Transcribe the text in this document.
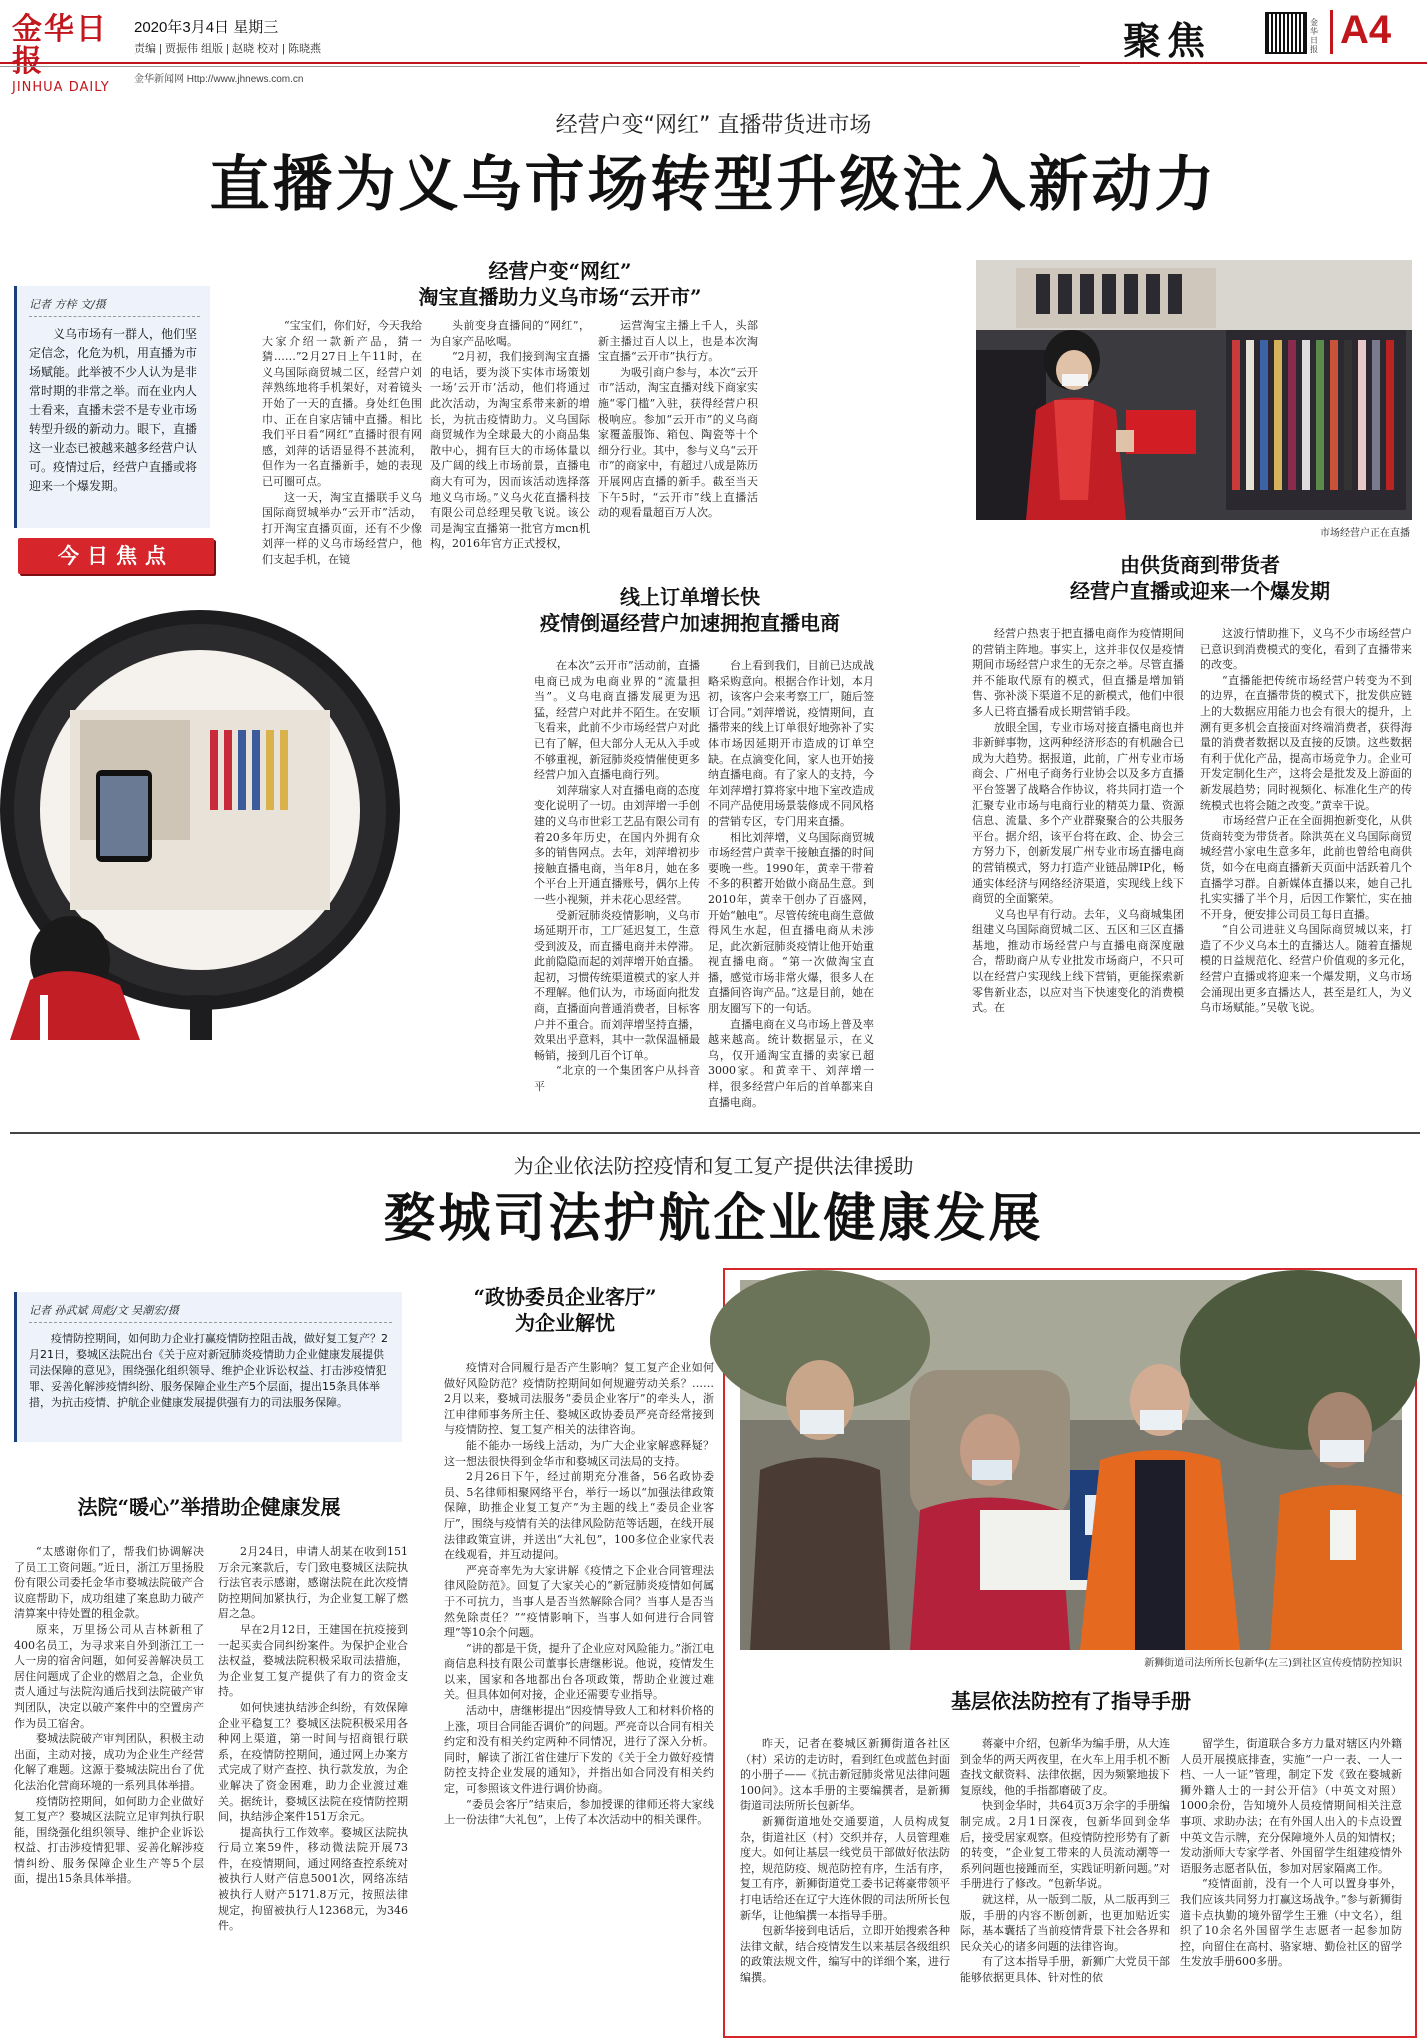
金华日
JINHUA DAILY
2020年3月4日 星期三
责编 | 贾振伟 组版 | 赵晓 校对 | 陈晓燕
金华新闻网 Http://www.jhnews.com.cn
聚焦	金华日报 A4
经营户变“网红” 直播带货进市场
直播为义乌市场转型升级注入新动力
记者 方梓 文/摄
义乌市场有一群人，他们坚定信念，化危为机，用直播为市场赋能。此举被不少人认为是非常时期的非常之举。而在业内人士看来，直播未尝不是专业市场转型升级的新动力。眼下，直播这一业态已被越来越多经营户认可。疫情过后，经营户直播或将迎来一个爆发期。
今日焦点
经营户变“网红”
淘宝直播助力义乌市场“云开市”

“宝宝们，你们好，今天我给大家介绍一款新产品，猜一猜……”2月27日上午11时，在义乌国际商贸城二区，经营户刘萍熟练地将手机架好，对着镜头开始了一天的直播。身处红色围巾、正在自家店铺中直播。相比我们平日看“网红”直播时很有网感，刘萍的话语显得不甚流利，但作为一名直播新手，她的表现已可圈可点。

这一天，淘宝直播联手义乌国际商贸城举办“云开市”活动，打开淘宝直播页面，还有不少像刘萍一样的义乌市场经营户，他们支起手机，在镜

头前变身直播间的“网红”，为自家产品吆喝。

“2月初，我们接到淘宝直播的电话，要为淡下实体市场策划一场‘云开市’活动，他们将通过此次活动，为淘宝系带来新的增长，为抗击疫情助力。义乌国际商贸城作为全球最大的小商品集散中心，拥有巨大的市场体量以及广阔的线上市场前景，直播电商大有可为，因而该活动选择落地义乌市场。”义乌火花直播科技有限公司总经理吴敬飞说。该公司是淘宝直播第一批官方mcn机构，2016年官方正式授权，

运营淘宝主播上千人，头部新主播过百人以上，也是本次淘宝直播“云开市”执行方。

为吸引商户参与，本次“云开市”活动，淘宝直播对线下商家实施“零门槛”入驻，获得经营户积极响应。参加“云开市”的义乌商家覆盖服饰、箱包、陶瓷等十个细分行业。其中，参与义乌“云开市”的商家中，有超过八成是陈历开展网店直播的新手。截至当天下午5时，“云开市”线上直播活动的观看量超百万人次。

市场经营户正在直播
线上订单增长快
疫情倒逼经营户加速拥抱直播电商

在本次“云开市”活动前，直播电商已成为电商业界的“流量担当”。义乌电商直播发展更为迅猛，经营户对此并不陌生。在安顺飞看来，此前不少市场经营户对此已有了解，但大部分人无从入手或不够重视，新冠肺炎疫情催使更多经营户加入直播电商行列。

刘萍瑞家人对直播电商的态度变化说明了一切。由刘萍增一手创建的义乌市世彩工艺品有限公司有着20多年历史，在国内外拥有众多的销售网点。去年，刘萍增初步接触直播电商，当年8月，她在多个平台上开通直播账号，偶尔上传一些小视频，并未花心思经营。

受新冠肺炎疫情影响，义乌市场延期开市，工厂延迟复工，生意受到波及，而直播电商并未停滞。此前隐隐而起的刘萍增开始直播。起初，习惯传统渠道模式的家人并不理解。他们认为，市场面向批发商，直播面向普通消费者，目标客户并不重合。而刘萍增坚持直播，效果出乎意料，其中一款保温桶最畅销，接到几百个订单。

“北京的一个集团客户从抖音平

台上看到我们，目前已达成战略采购意向。根据合作计划，本月初，该客户会来考察工厂，随后签订合同。”刘萍增说，疫情期间，直播带来的线上订单很好地弥补了实体市场因延期开市造成的订单空缺。在点滴变化间，家人也开始接纳直播电商。有了家人的支持，今年刘萍增打算将家中地下室改造成不同产品使用场景装修成不同风格的营销专区，专门用来直播。

相比刘萍增，义乌国际商贸城市场经营户黄幸干接触直播的时间要晚一些。1990年，黄幸干带着不多的积蓄开始做小商品生意。到2010年，黄幸干创办了百盛网，开始“触电”。尽管传统电商生意做得风生水起，但直播电商从未涉足，此次新冠肺炎疫情让他开始重视直播电商。“第一次做淘宝直播，感觉市场非常火爆，很多人在直播间咨询产品。”这是目前，她在朋友圈写下的一句话。

直播电商在义乌市场上普及率越来越高。统计数据显示，在义乌，仅开通淘宝直播的卖家已超3000家。和黄幸干、刘萍增一样，很多经营户年后的首单都来自直播电商。

由供货商到带货者
经营户直播或迎来一个爆发期

经营户热衷于把直播电商作为疫情期间的营销主阵地。事实上，这并非仅仅是疫情期间市场经营户求生的无奈之举。尽管直播并不能取代原有的模式，但直播是增加销售、弥补淡下渠道不足的新模式，他们中很多人已将直播看成长期营销手段。

放眼全国，专业市场对接直播电商也并非新鲜事物，这两种经济形态的有机融合已成为大趋势。据报道，此前，广州专业市场商会、广州电子商务行业协会以及多方直播平台签署了战略合作协议，将共同打造一个汇聚专业市场与电商行业的精英力量、资源信息、流量、多个产业群聚聚合的公共服务平台。据介绍，该平台将在政、企、协会三方努力下，创新发展广州专业市场直播电商的营销模式，努力打造产业链品牌IP化，畅通实体经济与网络经济渠道，实现线上线下商贸的全面繁荣。

义乌也早有行动。去年，义乌商城集团组建义乌国际商贸城二区、五区和三区直播基地，推动市场经营户与直播电商深度融合，帮助商户从专业批发市场商户，不只可以在经营户实现线上线下营销，更能探索新零售新业态，以应对当下快速变化的消费模式。在

这波行情助推下，义乌不少市场经营户已意识到消费模式的变化，看到了直播带来的改变。

“直播能把传统市场经营户转变为不到的边界，在直播带货的模式下，批发供应链上的大数据应用能力也会有很大的提升，上溯有更多机会直接面对终端消费者，获得海量的消费者数据以及直接的反馈。这些数据有利于优化产品，提高市场竞争力。企业可开发定制化生产，这将会是批发及上游面的新发展趋势；同时视频化、标准化生产的传统模式也将会随之改变。”黄幸干说。

市场经营户正在全面拥抱新变化，从供货商转变为带货者。除洪英在义乌国际商贸城经营小家电生意多年，此前也曾给电商供货，如今在电商直播新天页面中活跃着几个直播学习群。自新媒体直播以来，她自己扎扎实实播了半个月，后因工作繁忙，实在抽不开身，便安排公司员工每日直播。

“自公司进驻义乌国际商贸城以来，打造了不少义乌本土的直播达人。随着直播规模的日益规范化、经营户价值观的多元化，经营户直播或将迎来一个爆发期，义乌市场会涌现出更多直播达人，甚至是红人，为义乌市场赋能。”吴敬飞说。

为企业依法防控疫情和复工复产提供法律援助
婺城司法护航企业健康发展
记者 孙武斌 周彪/文 吴潮宏/摄
疫情防控期间，如何助力企业打赢疫情防控阻击战，做好复工复产？2月21日，婺城区法院出台《关于应对新冠肺炎疫情助力企业健康发展提供司法保障的意见》，围绕强化组织领导、维护企业诉讼权益、打击涉疫情犯罪、妥善化解涉疫情纠纷、服务保障企业生产5个层面，提出15条具体举措，为抗击疫情、护航企业健康发展提供强有力的司法服务保障。
法院“暖心”举措助企健康发展

“太感谢你们了，帮我们协调解决了员工工资问题。”近日，浙江万里扬股份有限公司委托金华市婺城法院破产合议庭帮助下，成功组建了案息助力破产清算案中待处置的租金款。

原来，万里扬公司从吉林新租了400名员工，为寻求来自外到浙江工一人一房的宿舍问题，如何妥善解决员工居住问题成了企业的燃眉之急，企业负责人通过与法院沟通后找到法院破产审判团队，决定以破产案件中的空置房产作为员工宿舍。

婺城法院破产审判团队，积极主动出面，主动对接，成功为企业生产经营化解了难题。这源于婺城法院出台了优化法治化营商环境的一系列具体举措。

疫情防控期间，如何助力企业做好复工复产？婺城区法院立足审判执行职能，围绕强化组织领导、维护企业诉讼权益、打击涉疫情犯罪、妥善化解涉疫情纠纷、服务保障企业生产等5个层面，提出15条具体举措。

2月24日，申请人胡某在收到151万余元案款后，专门致电婺城区法院执行法官表示感谢，感谢法院在此次疫情防控期间加紧执行，为企业复工解了燃眉之急。

早在2月12日，王建国在抗疫接到一起买卖合同纠纷案件。为保护企业合法权益，婺城法院积极采取司法措施，为企业复工复产提供了有力的资金支持。

如何快速执结涉企纠纷，有效保障企业平稳复工？婺城区法院积极采用各种网上渠道，第一时间与招商银行联系，在疫情防控期间，通过网上办案方式完成了财产查控、执行款发放，为企业解决了资金困难，助力企业渡过难关。据统计，婺城区法院在疫情防控期间，执结涉企案件151万余元。

提高执行工作效率。婺城区法院执行局立案59件，移动微法院开展73件，在疫情期间，通过网络查控系统对被执行人财产信息5001次，网络冻结被执行人财产5171.8万元，按照法律规定，拘留被执行人12368元，为346件。

“政协委员企业客厅”
为企业解忧

疫情对合同履行是否产生影响？复工复产企业如何做好风险防范？疫情防控期间如何规避劳动关系？……2月以来，婺城司法服务“委员企业客厅”的牵头人，浙江申律师事务所主任、婺城区政协委员严亮奇经常接到与疫情防控、复工复产相关的法律咨询。

能不能办一场线上活动，为广大企业家解惑释疑？这一想法很快得到金华市和婺城区司法局的支持。

2月26日下午，经过前期充分准备，56名政协委员、5名律师相聚网络平台，举行一场以“加强法律政策保障，助推企业复工复产”为主题的线上“委员企业客厅”，围绕与疫情有关的法律风险防范等话题，在线开展法律政策宣讲，并送出“大礼包”，100多位企业家代表在线观看，并互动提问。

严亮奇率先为大家讲解《疫情之下企业合同管理法律风险防范》。回复了大家关心的“新冠肺炎疫情如何属于不可抗力，当事人是否当然解除合同？当事人是否当然免除责任？”“疫情影响下，当事人如何进行合同管理”等10余个问题。

“讲的都是干货，提升了企业应对风险能力。”浙江电商信息科技有限公司董事长唐继彬说。他说，疫情发生以来，国家和各地都出台各项政策，帮助企业渡过难关。但具体如何对接，企业还需要专业指导。

活动中，唐继彬提出“因疫情导致人工和材料价格的上涨，项目合同能否调价”的问题。严亮奇以合同有相关约定和没有相关约定两种不同情况，进行了深入分析。同时，解读了浙江省住建厅下发的《关于全力做好疫情防控支持企业发展的通知》，并指出如合同没有相关约定，可参照该文件进行调价协商。

“委员会客厅”结束后，参加授课的律师还将大家线上一份法律“大礼包”，上传了本次活动中的相关课件。

新狮街道司法所所长包新华(左三)到社区宣传疫情防控知识
基层依法防控有了指导手册

昨天，记者在婺城区新狮街道各社区（村）采访的走访时，看到红色或蓝色封面的小册子——《抗击新冠肺炎常见法律问题100问》。这本手册的主要编撰者，是新狮街道司法所所长包新华。

新狮街道地处交通要道，人员构成复杂，街道社区（村）交织并存，人员管理难度大。如何让基层一线党员干部做好依法防控，规范防疫、规范防控有序，生活有序，复工有序，新狮街道党工委书记蒋豪带领平打电话给还在辽宁大连休假的司法所所长包新华，让他编撰一本指导手册。

包新华接到电话后，立即开始搜索各种法律文献，结合疫情发生以来基层各级组织的政策法规文件，编写中的详细个案，进行编撰。

蒋豪中介绍，包新华为编手册，从大连到金华的两天两夜里，在火车上用手机不断查找文献资料、法律依据，因为频繁地拔下复原线，他的手指都磨破了皮。

快到金华时，共64页3万余字的手册编制完成。2月1日深夜，包新华回到金华后，接受居家观察。但疫情防控形势有了新的转变，“企业复工带来的人员流动潮等一系列问题也接踵而至，实践证明新问题。”对手册进行了修改。“包新华说。

就这样，从一版到二版，从二版再到三版，手册的内容不断创新，也更加贴近实际，基本囊括了当前疫情背景下社会各界和民众关心的诸多问题的法律咨询。

有了这本指导手册，新狮广大党员干部能够依据更具体、针对性的依

留学生，街道联合多方力量对辖区内外籍人员开展摸底排查，实施“一户一表、一人一档、一人一证”管理，制定下发《致在婺城新狮外籍人士的一封公开信》（中英文对照）1000余份，告知境外人员疫情期间相关注意事项、求助办法；在有外国人出入的卡点设置中英文告示牌，充分保障境外人员的知情权；发动浙师大专家学者、外国留学生组建疫情外语服务志愿者队伍，参加对居家隔离工作。

“疫情面前，没有一个人可以置身事外，我们应该共同努力打赢这场战争。”参与新狮街道卡点执勤的境外留学生王雅（中文名），组织了10余名外国留学生志愿者一起参加防控，向留住在高村、骆家塘、勤俭社区的留学生发放手册600多册。
